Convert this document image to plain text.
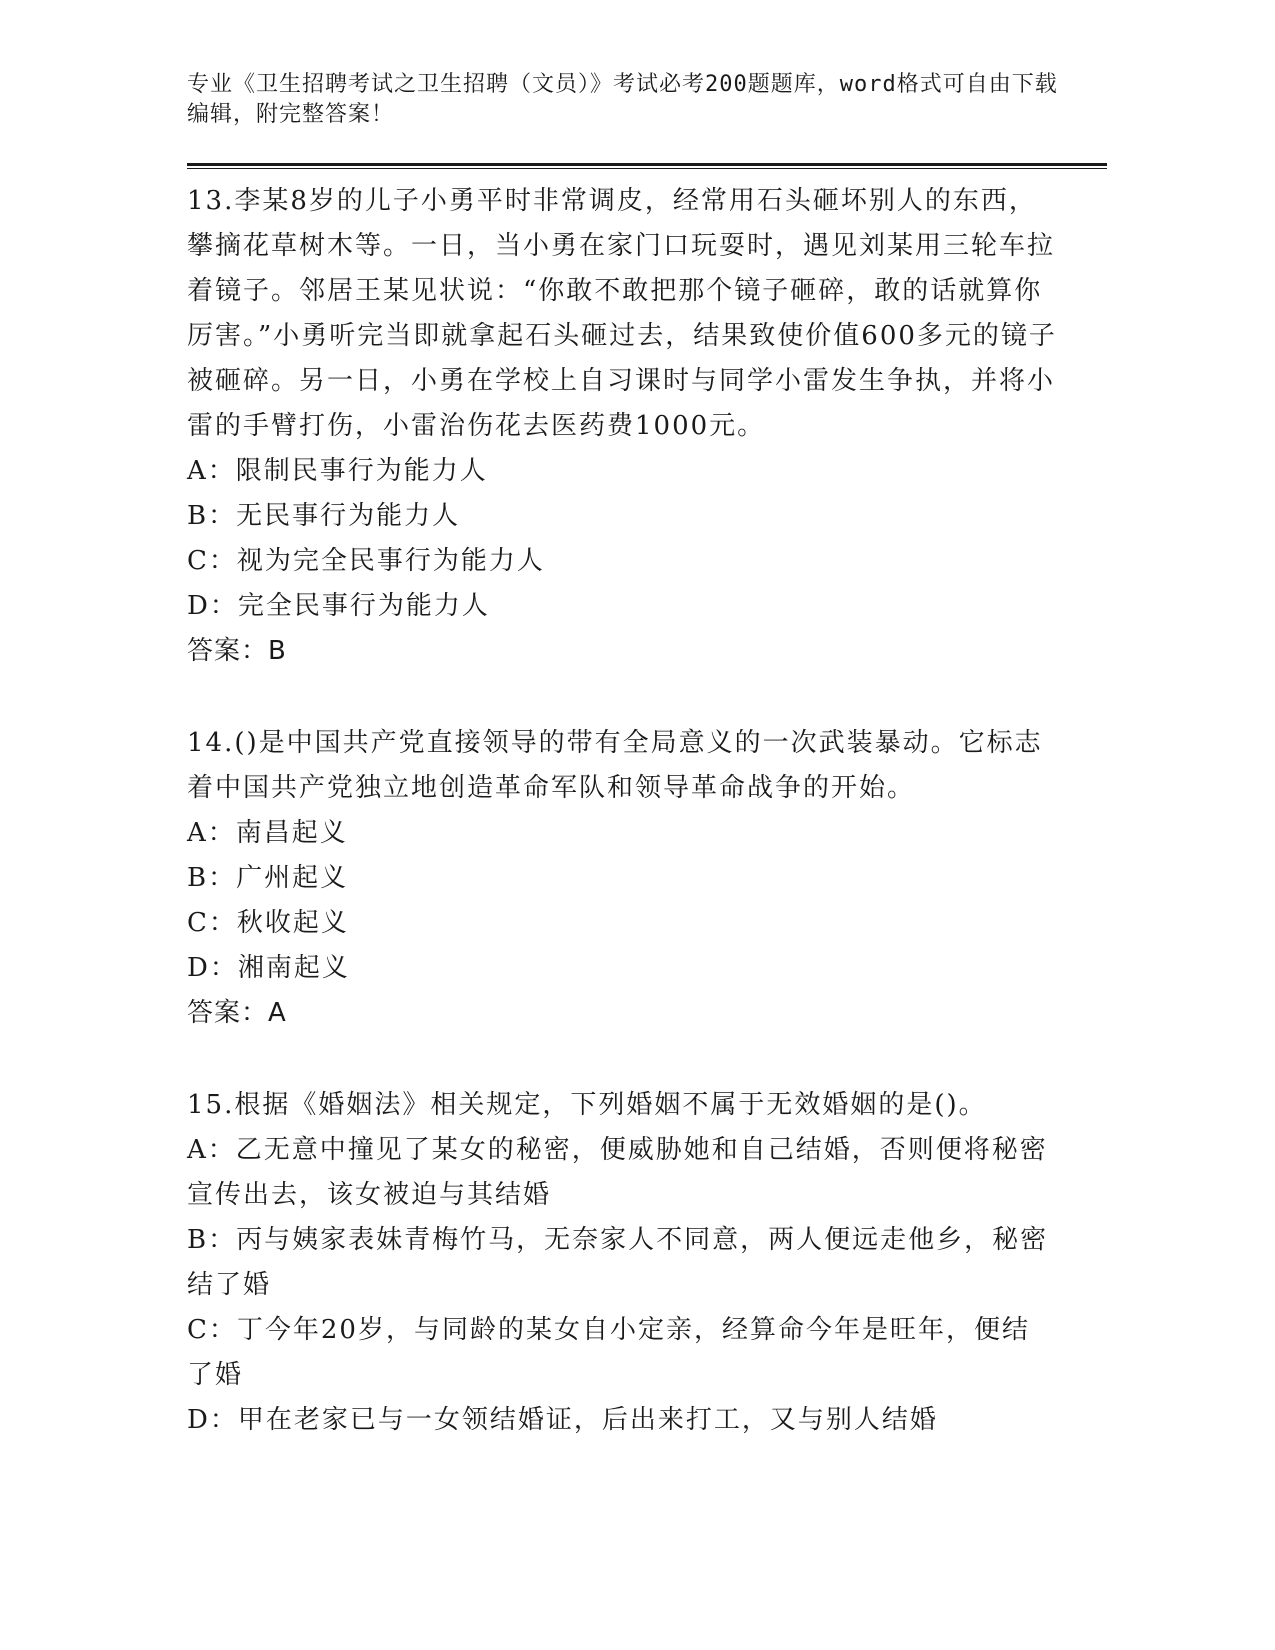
专业《卫生招聘考试之卫生招聘（文员）》考试必考200题题库，word格式可自由下载编辑，附完整答案！

13.李某8岁的儿子小勇平时非常调皮，经常用石头砸坏别人的东西，攀摘花草树木等。一日，当小勇在家门口玩耍时，遇见刘某用三轮车拉着镜子。邻居王某见状说：“你敢不敢把那个镜子砸碎，敢的话就算你厉害。”小勇听完当即就拿起石头砸过去，结果致使价值600多元的镜子被砸碎。另一日，小勇在学校上自习课时与同学小雷发生争执，并将小雷的手臂打伤，小雷治伤花去医药费1000元。

A：限制民事行为能力人

B：无民事行为能力人

C：视为完全民事行为能力人

D：完全民事行为能力人

答案：B

14.()是中国共产党直接领导的带有全局意义的一次武装暴动。它标志着中国共产党独立地创造革命军队和领导革命战争的开始。

A：南昌起义

B：广州起义

C：秋收起义

D：湘南起义

答案：A

15.根据《婚姻法》相关规定，下列婚姻不属于无效婚姻的是()。

A：乙无意中撞见了某女的秘密，便威胁她和自己结婚，否则便将秘密宣传出去，该女被迫与其结婚

B：丙与姨家表妹青梅竹马，无奈家人不同意，两人便远走他乡，秘密结了婚

C：丁今年20岁，与同龄的某女自小定亲，经算命今年是旺年，便结了婚

D：甲在老家已与一女领结婚证，后出来打工，又与别人结婚
